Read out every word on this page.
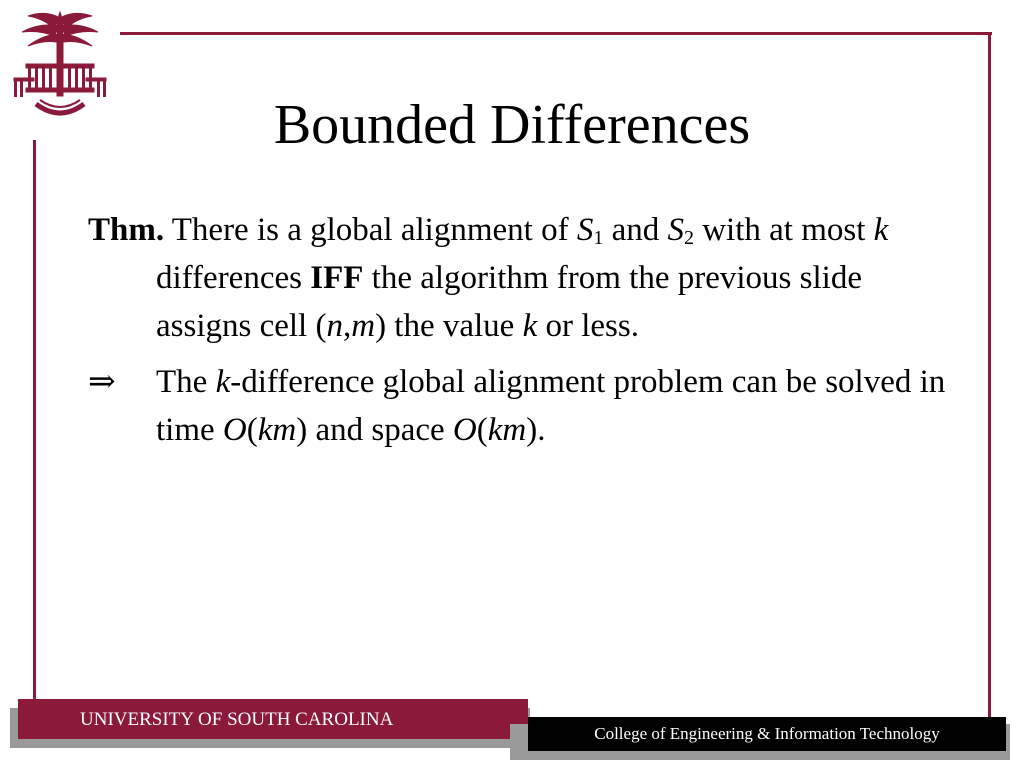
Bounded Differences

Thm. There is a global alignment of $S_1$ and $S_2$ with at most k differences IFF the algorithm from the previous slide assigns cell (n,m) the value k or less.

⇒	The k-difference global alignment problem can be solved in time O(km) and space O(km).

UNIVERSITY OF SOUTH CAROLINA
College of Engineering & Information Technology
